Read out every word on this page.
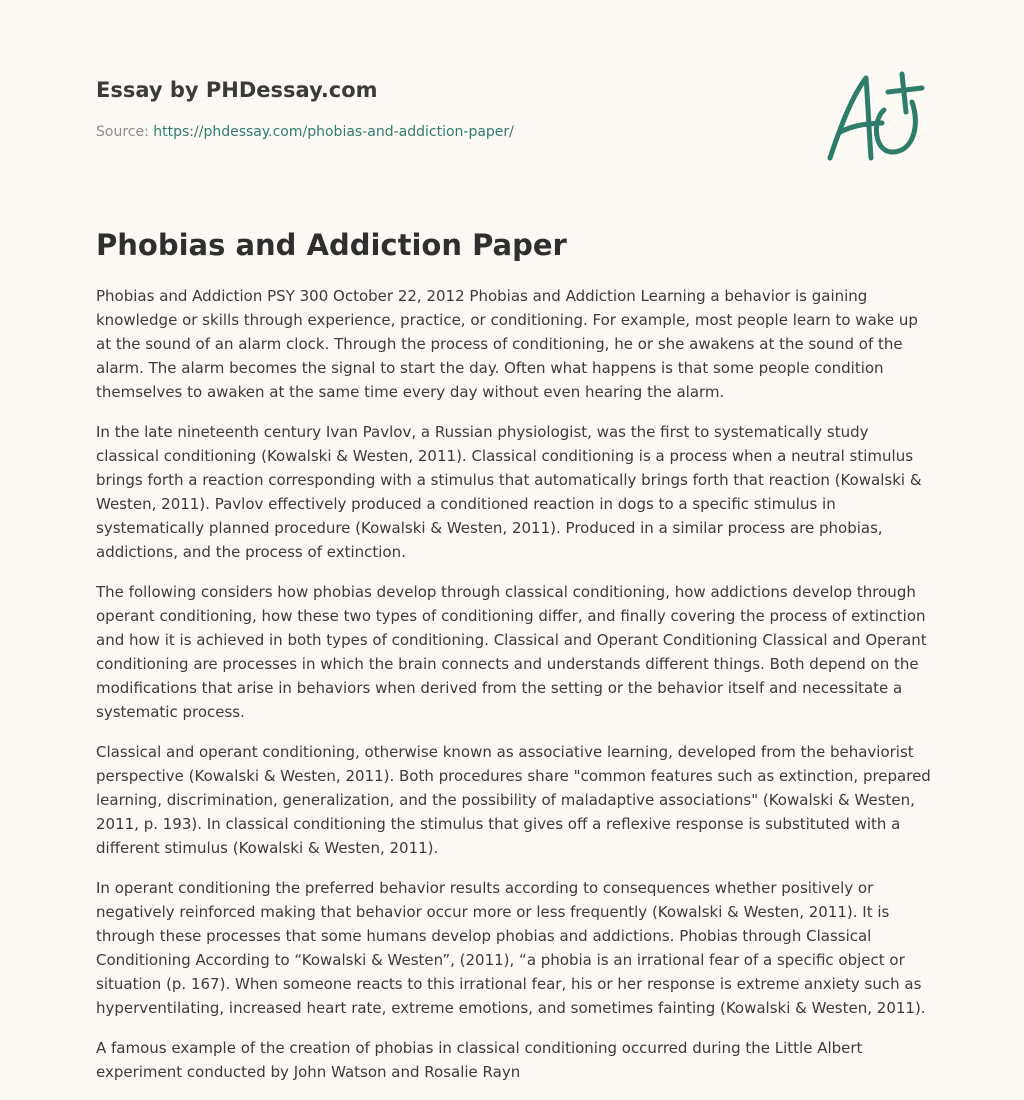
Essay by PHDessay.com
Source: https://phdessay.com/phobias-and-addiction-paper/
Phobias and Addiction Paper

Phobias and Addiction PSY 300 October 22, 2012 Phobias and Addiction Learning a behavior is gaining knowledge or skills through experience, practice, or conditioning. For example, most people learn to wake up at the sound of an alarm clock. Through the process of conditioning, he or she awakens at the sound of the alarm. The alarm becomes the signal to start the day. Often what happens is that some people condition themselves to awaken at the same time every day without even hearing the alarm.

In the late nineteenth century Ivan Pavlov, a Russian physiologist, was the first to systematically study classical conditioning (Kowalski & Westen, 2011). Classical conditioning is a process when a neutral stimulus brings forth a reaction corresponding with a stimulus that automatically brings forth that reaction (Kowalski & Westen, 2011). Pavlov effectively produced a conditioned reaction in dogs to a specific stimulus in systematically planned procedure (Kowalski & Westen, 2011). Produced in a similar process are phobias, addictions, and the process of extinction.

The following considers how phobias develop through classical conditioning, how addictions develop through operant conditioning, how these two types of conditioning differ, and finally covering the process of extinction and how it is achieved in both types of conditioning. Classical and Operant Conditioning Classical and Operant conditioning are processes in which the brain connects and understands different things. Both depend on the modifications that arise in behaviors when derived from the setting or the behavior itself and necessitate a systematic process.

Classical and operant conditioning, otherwise known as associative learning, developed from the behaviorist perspective (Kowalski & Westen, 2011). Both procedures share "common features such as extinction, prepared learning, discrimination, generalization, and the possibility of maladaptive associations" (Kowalski & Westen, 2011, p. 193). In classical conditioning the stimulus that gives off a reflexive response is substituted with a different stimulus (Kowalski & Westen, 2011).

In operant conditioning the preferred behavior results according to consequences whether positively or negatively reinforced making that behavior occur more or less frequently (Kowalski & Westen, 2011). It is through these processes that some humans develop phobias and addictions. Phobias through Classical Conditioning According to “Kowalski & Westen”, (2011), “a phobia is an irrational fear of a specific object or situation (p. 167). When someone reacts to this irrational fear, his or her response is extreme anxiety such as hyperventilating, increased heart rate, extreme emotions, and sometimes fainting (Kowalski & Westen, 2011).

A famous example of the creation of phobias in classical conditioning occurred during the Little Albert experiment conducted by John Watson and Rosalie Rayn
